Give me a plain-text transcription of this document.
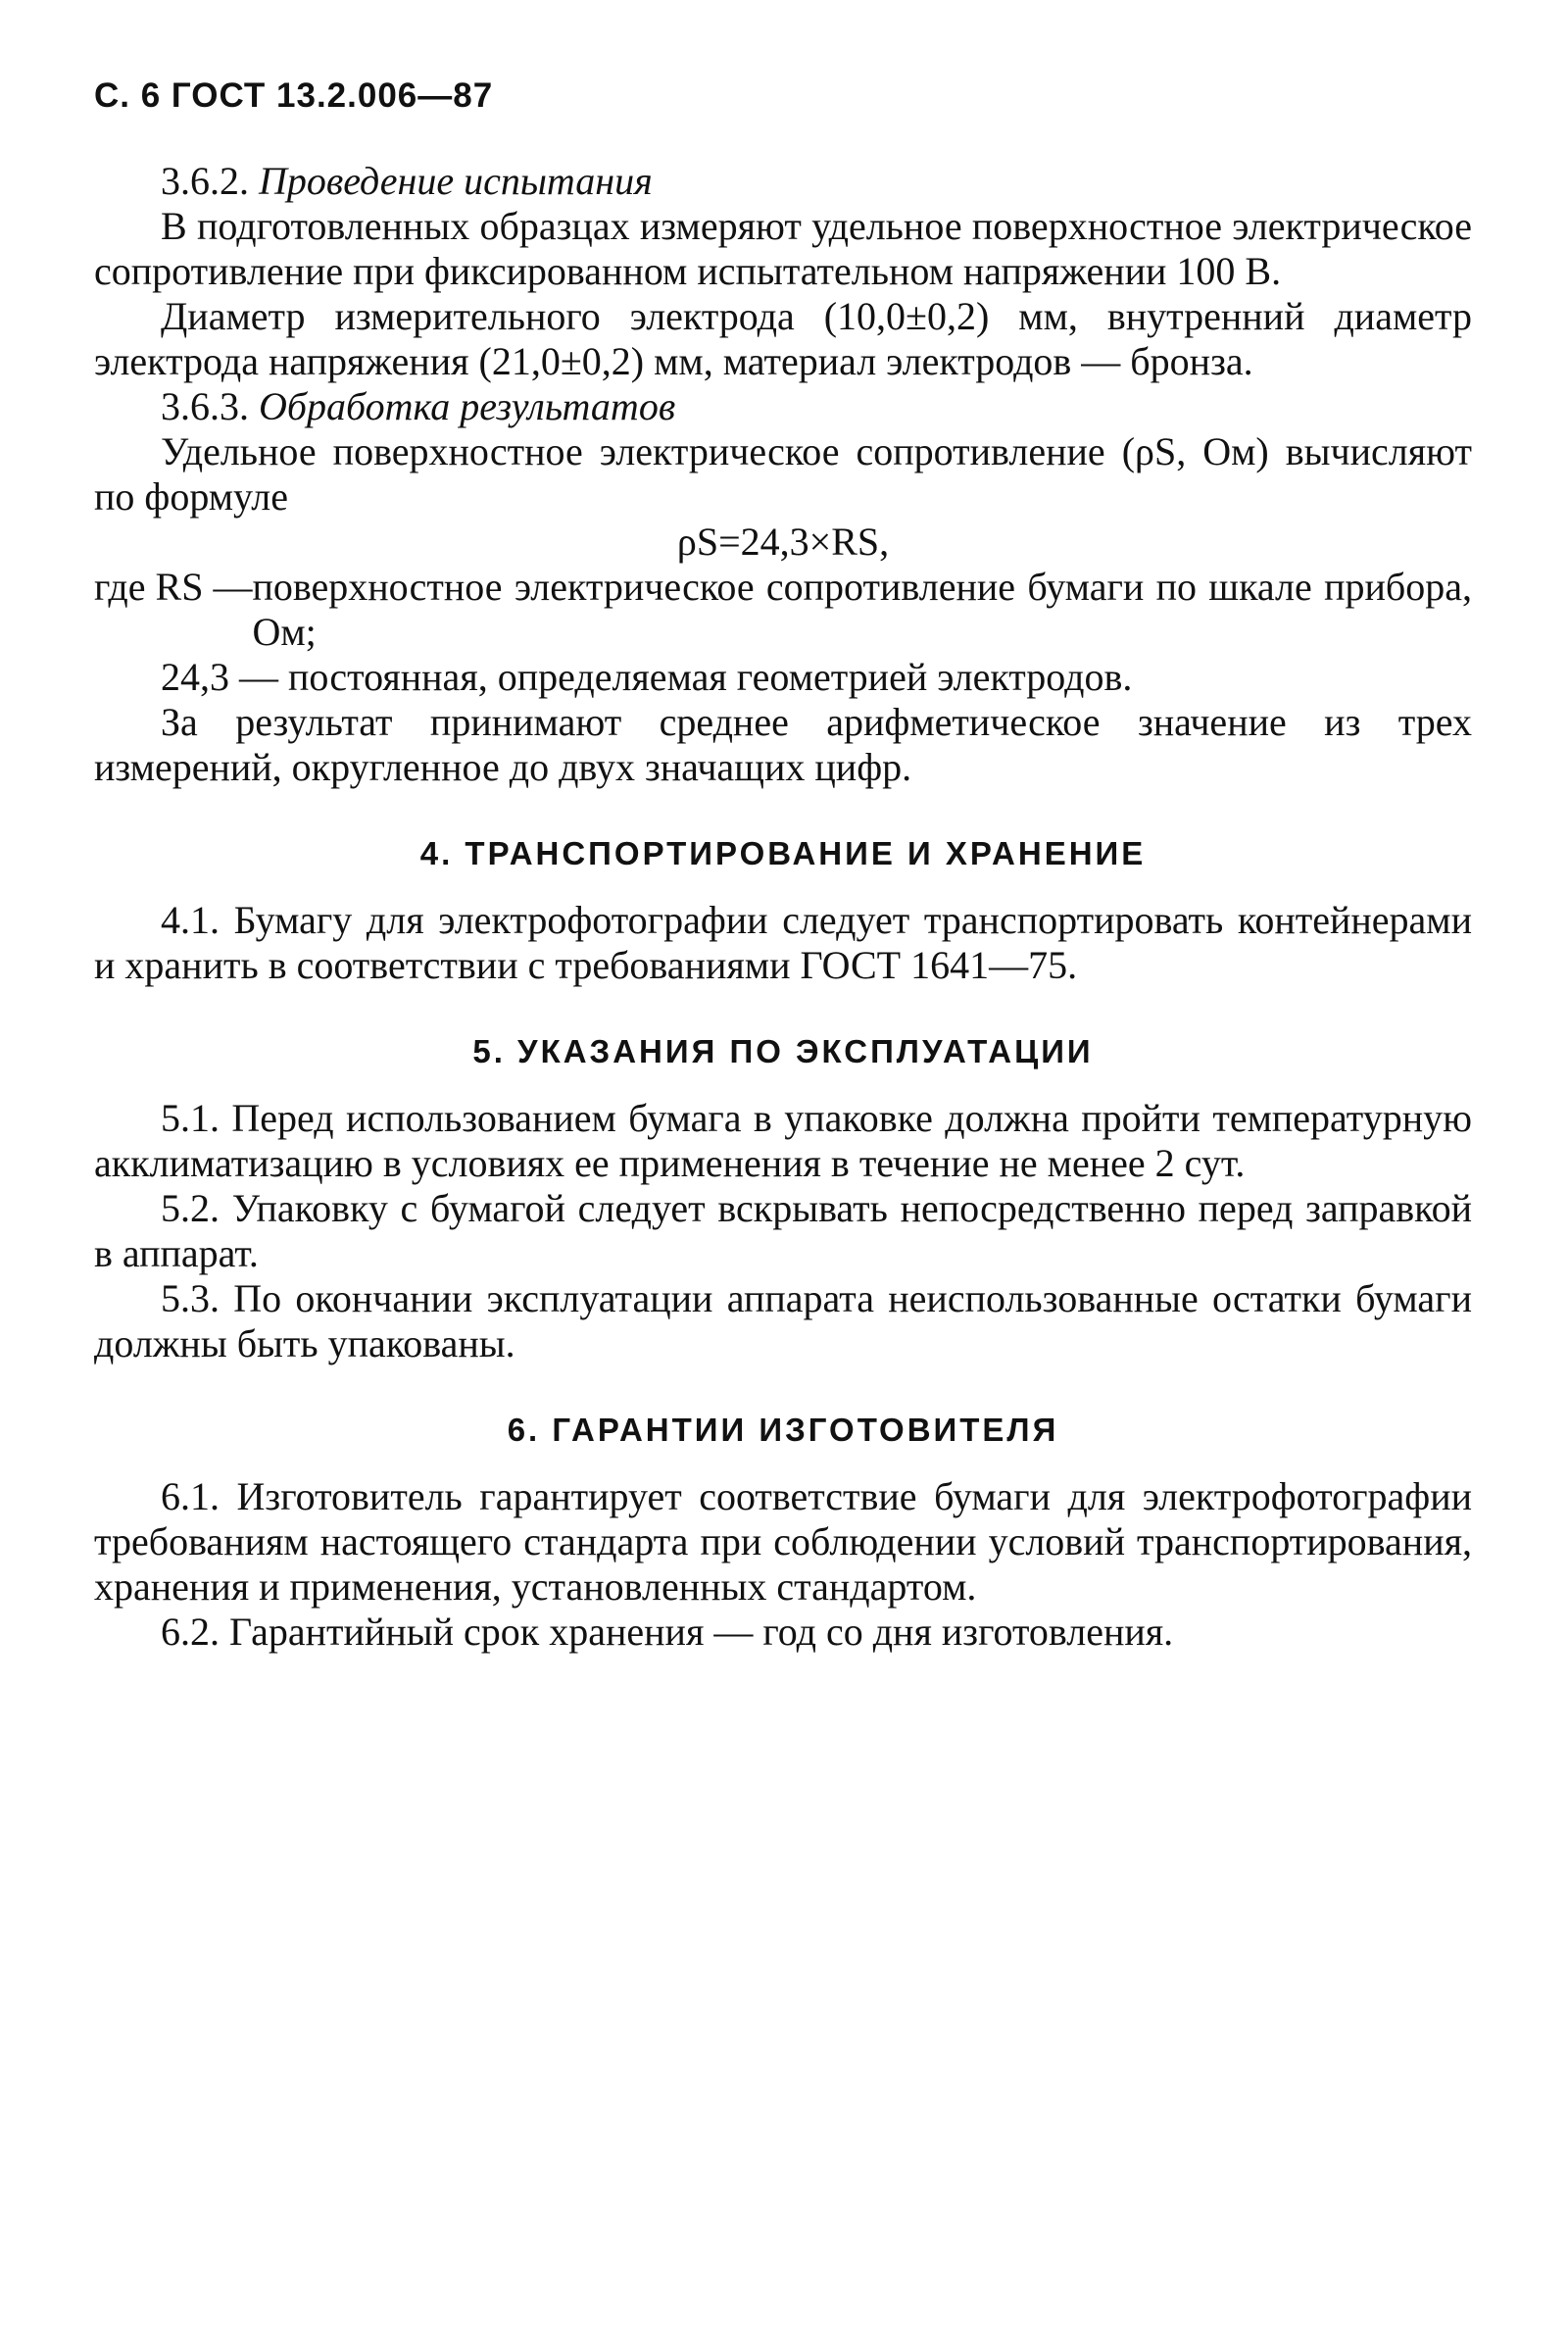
С. 6 ГОСТ 13.2.006—87

3.6.2. Проведение испытания

В подготовленных образцах измеряют удельное поверхностное электрическое сопротивление при фиксированном испытательном напряжении 100 В.

Диаметр измерительного электрода (10,0±0,2) мм, внутренний диаметр электрода напряжения (21,0±0,2) мм, материал электродов — бронза.

3.6.3. Обработка результатов

Удельное поверхностное электрическое сопротивление (ρS, Ом) вычисляют по формуле

ρS=24,3×RS,
где RS — поверхностное электрическое сопротивление бумаги по шкале прибора, Ом;
24,3 — постоянная, определяемая геометрией электродов.

За результат принимают среднее арифметическое значение из трех измерений, округленное до двух значащих цифр.

4. ТРАНСПОРТИРОВАНИЕ И ХРАНЕНИЕ

4.1. Бумагу для электрофотографии следует транспортировать контейнерами и хранить в соответствии с требованиями ГОСТ 1641—75.

5. УКАЗАНИЯ ПО ЭКСПЛУАТАЦИИ

5.1. Перед использованием бумага в упаковке должна пройти температурную акклиматизацию в условиях ее применения в течение не менее 2 сут.

5.2. Упаковку с бумагой следует вскрывать непосредственно перед заправкой в аппарат.

5.3. По окончании эксплуатации аппарата неиспользованные остатки бумаги должны быть упакованы.

6. ГАРАНТИИ ИЗГОТОВИТЕЛЯ

6.1. Изготовитель гарантирует соответствие бумаги для электрофотографии требованиям настоящего стандарта при соблюдении условий транспортирования, хранения и применения, установленных стандартом.

6.2. Гарантийный срок хранения — год со дня изготовления.
